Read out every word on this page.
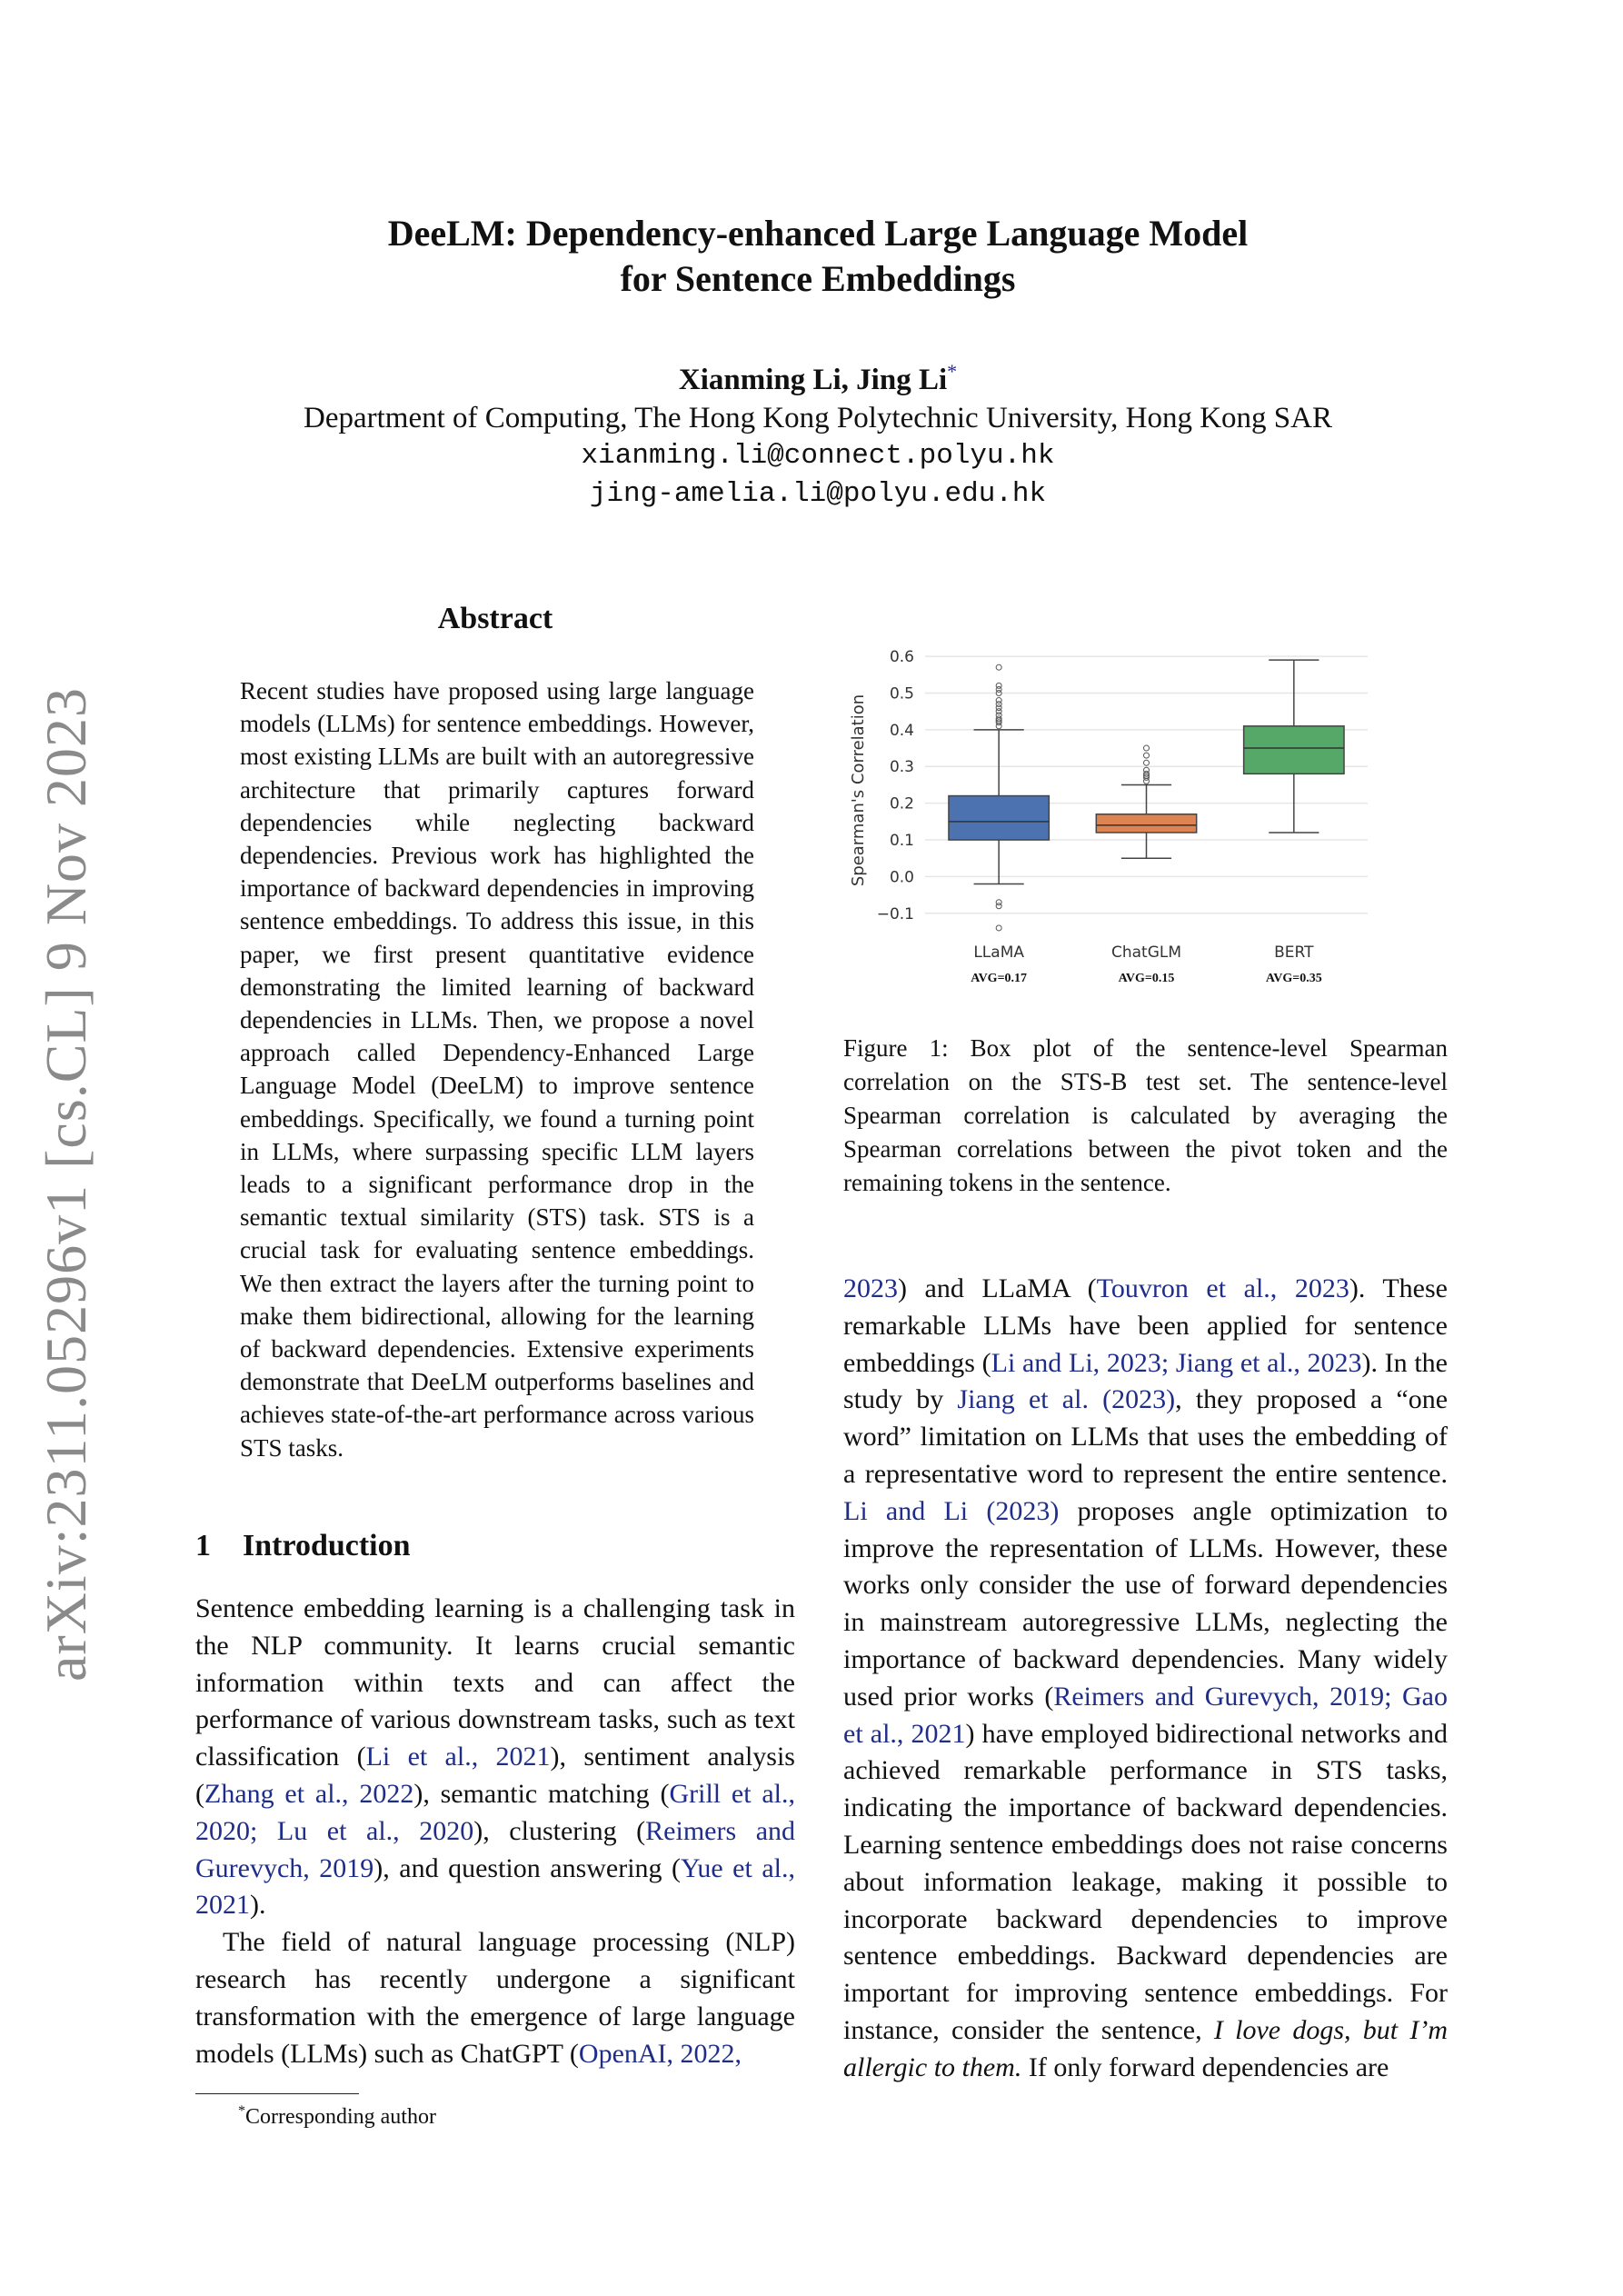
arXiv:2311.05296v1 [cs.CL] 9 Nov 2023
DeeLM: Dependency-enhanced Large Language Model
for Sentence Embeddings
Xianming Li, Jing Li*
Department of Computing, The Hong Kong Polytechnic University, Hong Kong SAR
xianming.li@connect.polyu.hk
jing-amelia.li@polyu.edu.hk
Abstract
Recent studies have proposed using large language models (LLMs) for sentence embeddings. However, most existing LLMs are built with an autoregressive architecture that primarily captures forward dependencies while neglecting backward dependencies. Previous work has highlighted the importance of backward dependencies in improving sentence embeddings. To address this issue, in this paper, we first present quantitative evidence demonstrating the limited learning of backward dependencies in LLMs. Then, we propose a novel approach called Dependency-Enhanced Large Language Model (DeeLM) to improve sentence embeddings. Specifically, we found a turning point in LLMs, where surpassing specific LLM layers leads to a significant performance drop in the semantic textual similarity (STS) task. STS is a crucial task for evaluating sentence embeddings. We then extract the layers after the turning point to make them bidirectional, allowing for the learning of backward dependencies. Extensive experiments demonstrate that DeeLM outperforms baselines and achieves state-of-the-art performance across various STS tasks.
1 Introduction

Sentence embedding learning is a challenging task in the NLP community. It learns crucial semantic information within texts and can affect the performance of various downstream tasks, such as text classification (Li et al., 2021), sentiment analysis (Zhang et al., 2022), semantic matching (Grill et al., 2020; Lu et al., 2020), clustering (Reimers and Gurevych, 2019), and question answering (Yue et al., 2021).

The field of natural language processing (NLP) research has recently undergone a significant transformation with the emergence of large language models (LLMs) such as ChatGPT (OpenAI, 2022,

*Corresponding author
−0.1
0.0
0.1
0.2
0.3
0.4
0.5
0.6
Spearman's Correlation
LLaMA
AVG=0.17
ChatGLM
AVG=0.15
BERT
AVG=0.35
Figure 1: Box plot of the sentence-level Spearman correlation on the STS-B test set. The sentence-level Spearman correlation is calculated by averaging the Spearman correlations between the pivot token and the remaining tokens in the sentence.

2023) and LLaMA (Touvron et al., 2023). These remarkable LLMs have been applied for sentence embeddings (Li and Li, 2023; Jiang et al., 2023). In the study by Jiang et al. (2023), they proposed a “one word” limitation on LLMs that uses the embedding of a representative word to represent the entire sentence. Li and Li (2023) proposes angle optimization to improve the representation of LLMs. However, these works only consider the use of forward dependencies in mainstream autoregressive LLMs, neglecting the importance of backward dependencies. Many widely used prior works (Reimers and Gurevych, 2019; Gao et al., 2021) have employed bidirectional networks and achieved remarkable performance in STS tasks, indicating the importance of backward dependencies. Learning sentence embeddings does not raise concerns about information leakage, making it possible to incorporate backward dependencies to improve sentence embeddings. Backward dependencies are important for improving sentence embeddings. For instance, consider the sentence, I love dogs, but I’m allergic to them. If only forward dependencies are
